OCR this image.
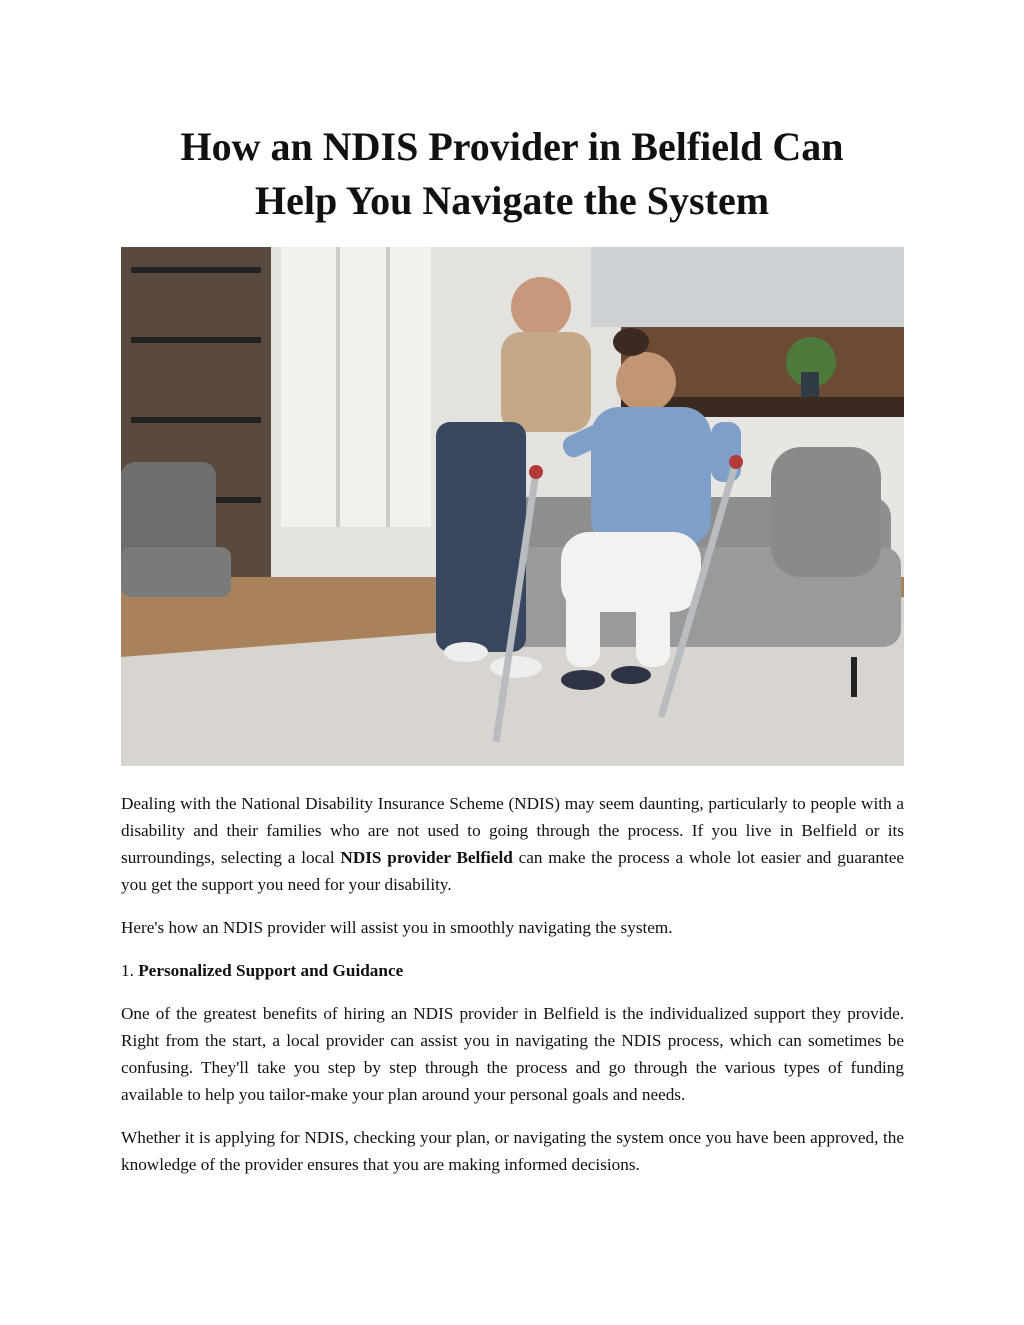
How an NDIS Provider in Belfield Can
Help You Navigate the System

Dealing with the National Disability Insurance Scheme (NDIS) may seem daunting, particularly to people with a disability and their families who are not used to going through the process. If you live in Belfield or its surroundings, selecting a local NDIS provider Belfield can make the process a whole lot easier and guarantee you get the support you need for your disability.

Here's how an NDIS provider will assist you in smoothly navigating the system.

1. Personalized Support and Guidance

One of the greatest benefits of hiring an NDIS provider in Belfield is the individualized support they provide. Right from the start, a local provider can assist you in navigating the NDIS process, which can sometimes be confusing. They'll take you step by step through the process and go through the various types of funding available to help you tailor-make your plan around your personal goals and needs.

Whether it is applying for NDIS, checking your plan, or navigating the system once you have been approved, the knowledge of the provider ensures that you are making informed decisions.
